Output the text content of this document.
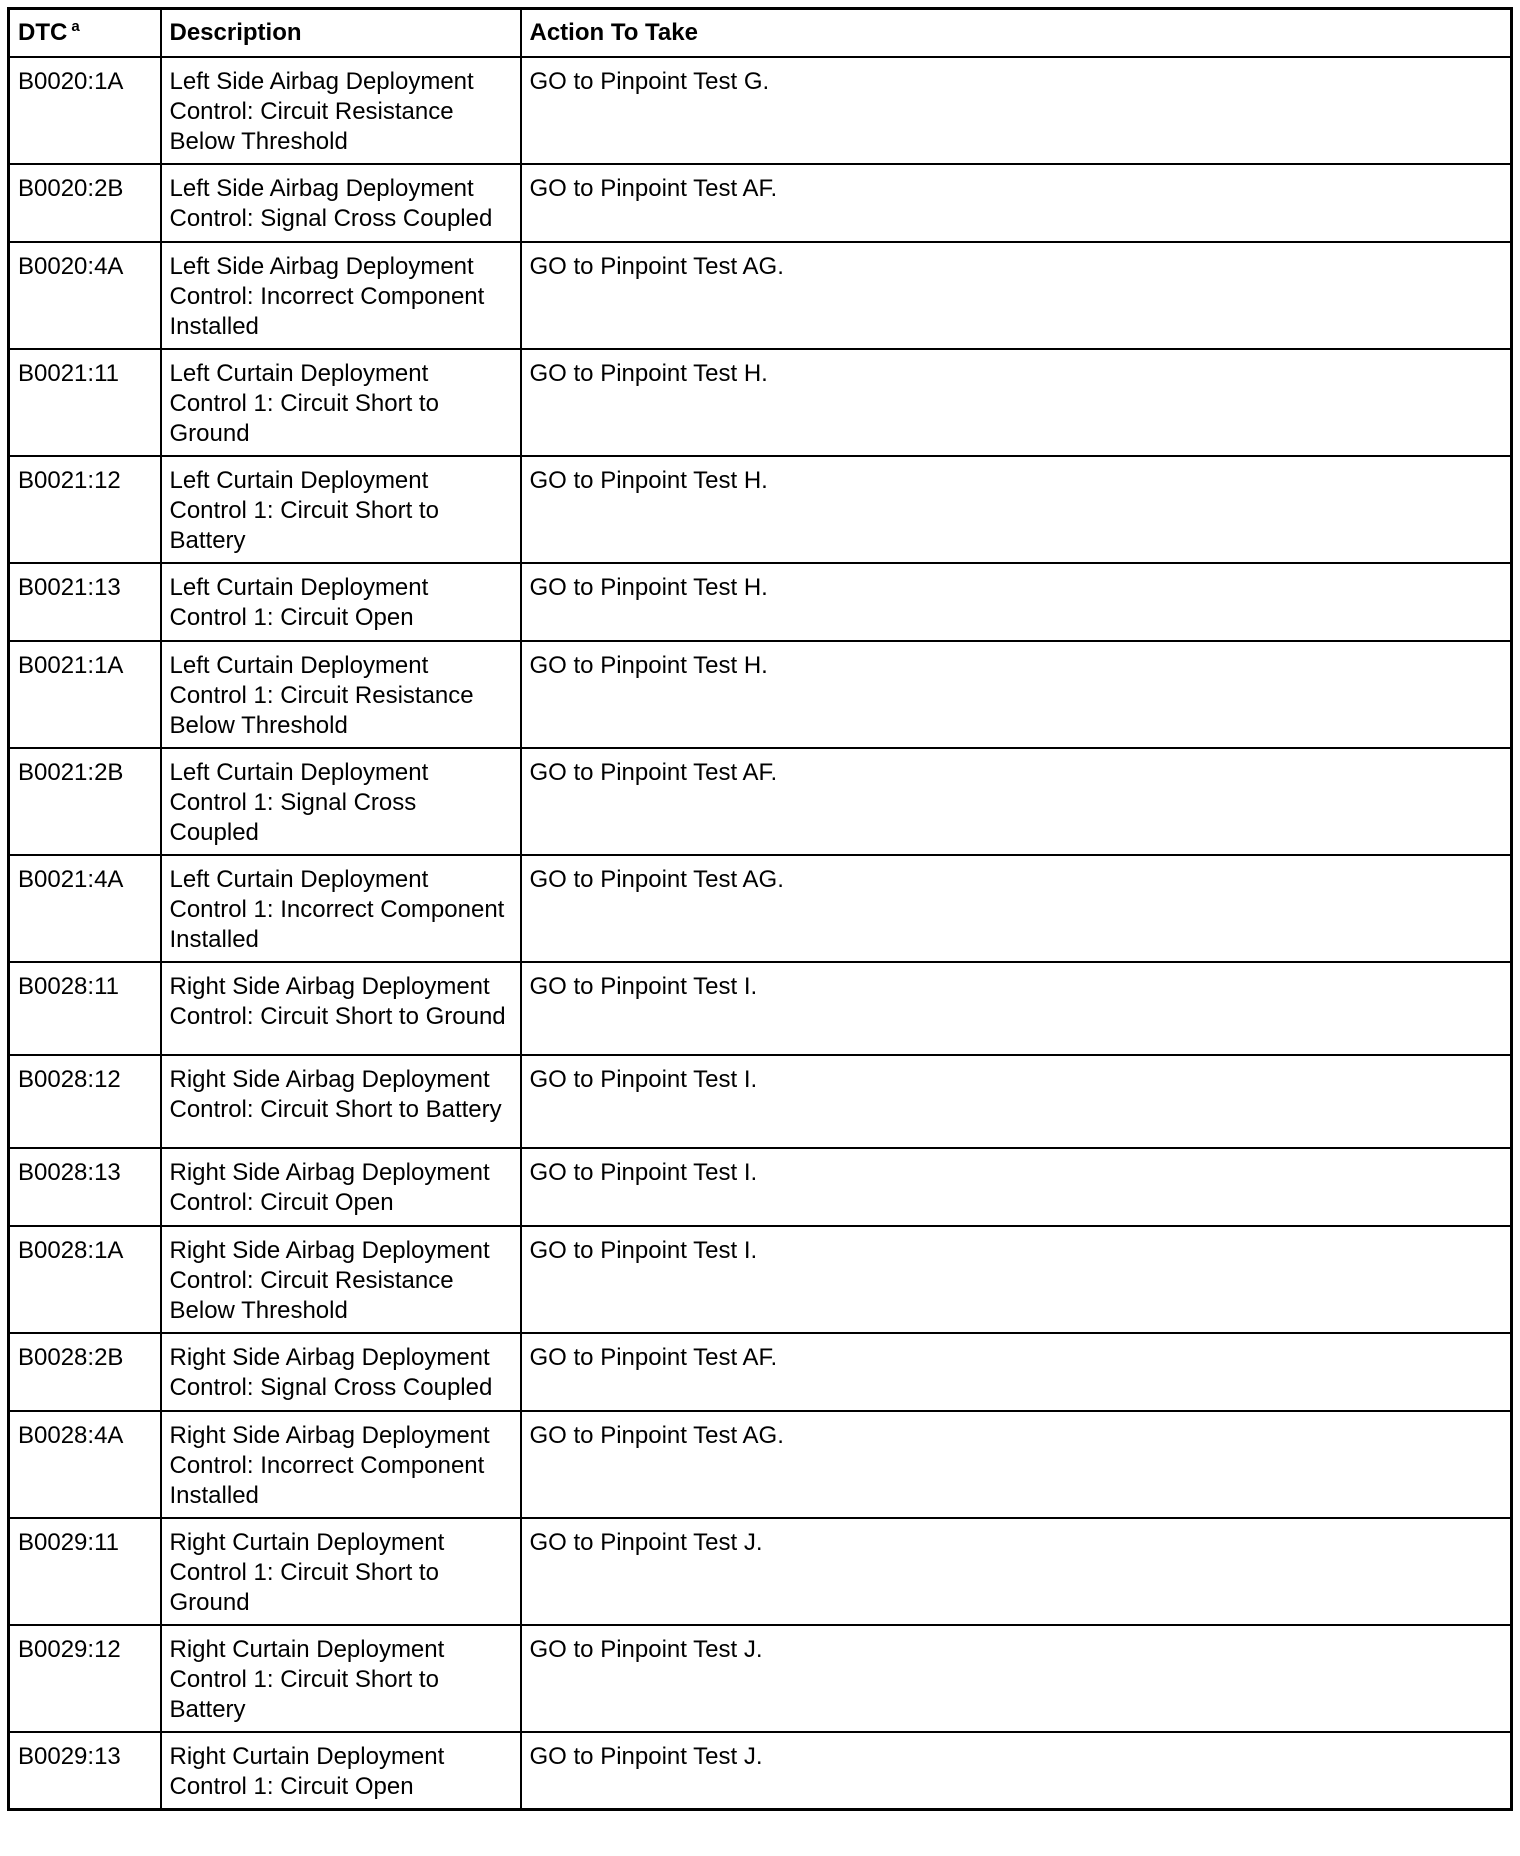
DTC $^a$	Description	Action To Take
B0020:1A	Left Side Airbag Deployment Control: Circuit Resistance Below Threshold	GO to Pinpoint Test G.
B0020:2B	Left Side Airbag Deployment Control: Signal Cross Coupled	GO to Pinpoint Test AF.
B0020:4A	Left Side Airbag Deployment Control: Incorrect Component Installed	GO to Pinpoint Test AG.
B0021:11	Left Curtain Deployment Control 1: Circuit Short to Ground	GO to Pinpoint Test H.
B0021:12	Left Curtain Deployment Control 1: Circuit Short to Battery	GO to Pinpoint Test H.
B0021:13	Left Curtain Deployment Control 1: Circuit Open	GO to Pinpoint Test H.
B0021:1A	Left Curtain Deployment Control 1: Circuit Resistance Below Threshold	GO to Pinpoint Test H.
B0021:2B	Left Curtain Deployment Control 1: Signal Cross Coupled	GO to Pinpoint Test AF.
B0021:4A	Left Curtain Deployment Control 1: Incorrect Component Installed	GO to Pinpoint Test AG.
B0028:11	Right Side Airbag Deployment Control: Circuit Short to Ground	GO to Pinpoint Test I.
B0028:12	Right Side Airbag Deployment Control: Circuit Short to Battery	GO to Pinpoint Test I.
B0028:13	Right Side Airbag Deployment Control: Circuit Open	GO to Pinpoint Test I.
B0028:1A	Right Side Airbag Deployment Control: Circuit Resistance Below Threshold	GO to Pinpoint Test I.
B0028:2B	Right Side Airbag Deployment Control: Signal Cross Coupled	GO to Pinpoint Test AF.
B0028:4A	Right Side Airbag Deployment Control: Incorrect Component Installed	GO to Pinpoint Test AG.
B0029:11	Right Curtain Deployment Control 1: Circuit Short to Ground	GO to Pinpoint Test J.
B0029:12	Right Curtain Deployment Control 1: Circuit Short to Battery	GO to Pinpoint Test J.
B0029:13	Right Curtain Deployment Control 1: Circuit Open	GO to Pinpoint Test J.
